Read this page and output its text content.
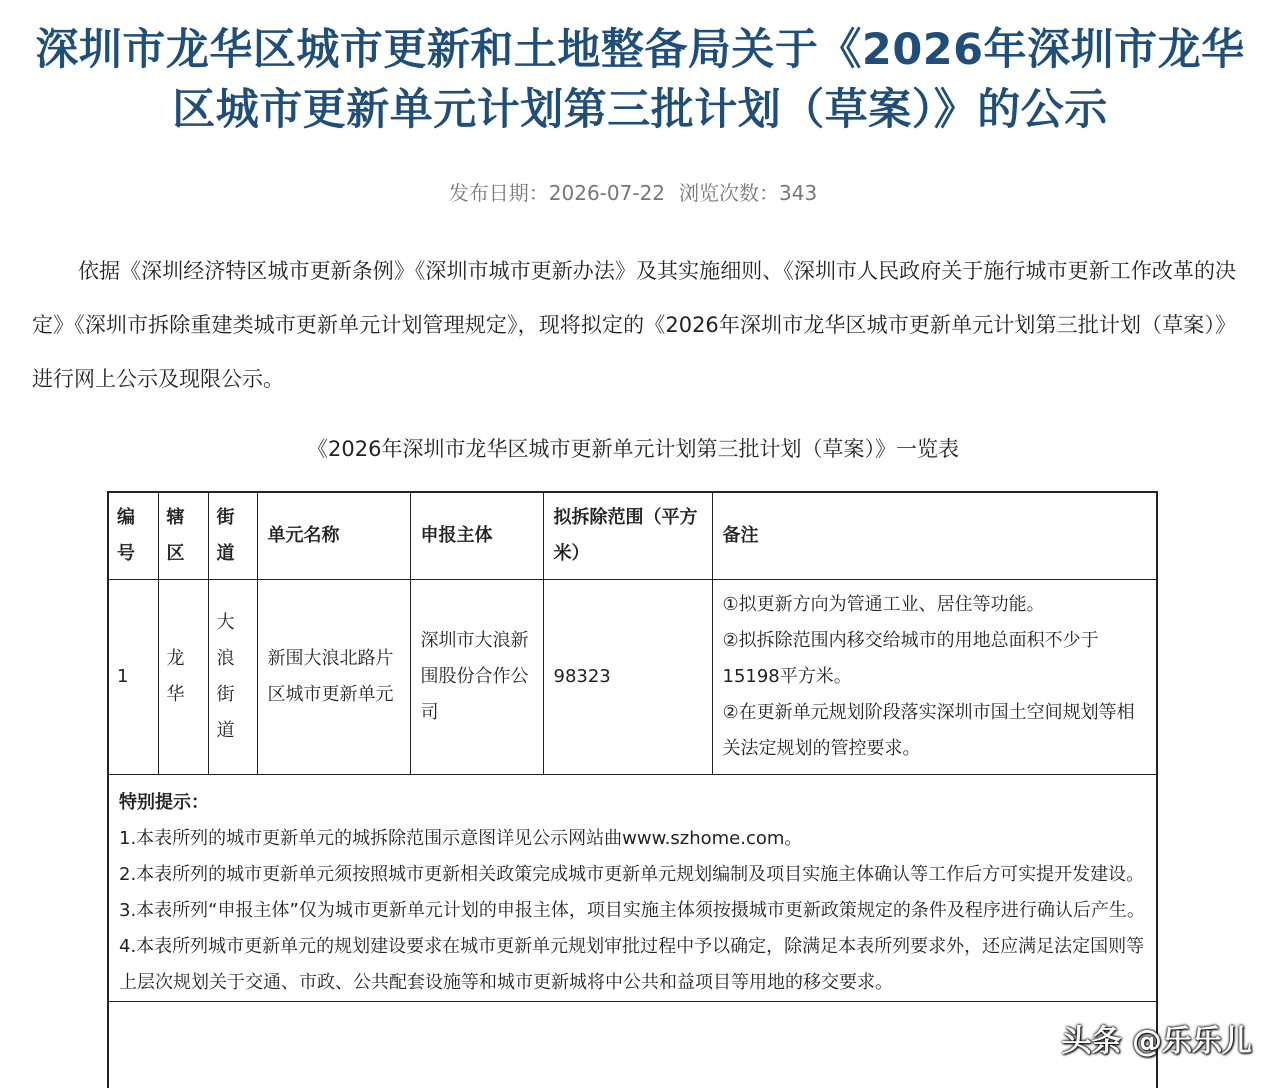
深圳市龙华区城市更新和土地整备局关于《2026年深圳市龙华区城市更新单元计划第三批计划（草案）》的公示
发布日期：2026-07-22 浏览次数：343

依据《深圳经济特区城市更新条例》《深圳市城市更新办法》及其实施细则、《深圳市人民政府关于施行城市更新工作改革的决定》《深圳市拆除重建类城市更新单元计划管理规定》，现将拟定的《2026年深圳市龙华区城市更新单元计划第三批计划（草案）》进行网上公示及现限公示。

《2026年深圳市龙华区城市更新单元计划第三批计划（草案）》一览表
编号	辖区	街道	单元名称	申报主体	拟拆除范围（平方米）	备注
1	龙华	大浪街道	新围大浪北路片区城市更新单元	深圳市大浪新围股份合作公司	98323	①拟更新方向为管通工业、居住等功能。
②拟拆除范围内移交给城市的用地总面积不少于15198平方米。
②在更新单元规划阶段落实深圳市国土空间规划等相关法定规划的管控要求。

特别提示：
1.本表所列的城市更新单元的城拆除范围示意图详见公示网站曲www.szhome.com。
2.本表所列的城市更新单元须按照城市更新相关政策完成城市更新单元规划编制及项目实施主体确认等工作后方可实提开发建设。
3.本表所列“申报主体”仅为城市更新单元计划的申报主体，项目实施主体须按摄城市更新政策规定的条件及程序进行确认后产生。
4.本表所列城市更新单元的规划建设要求在城市更新单元规划审批过程中予以确定，除满足本表所列要求外，还应满足法定国则等上层次规划关于交通、市政、公共配套设施等和城市更新城将中公共和益项目等用地的移交要求。						
头条 @乐乐儿
